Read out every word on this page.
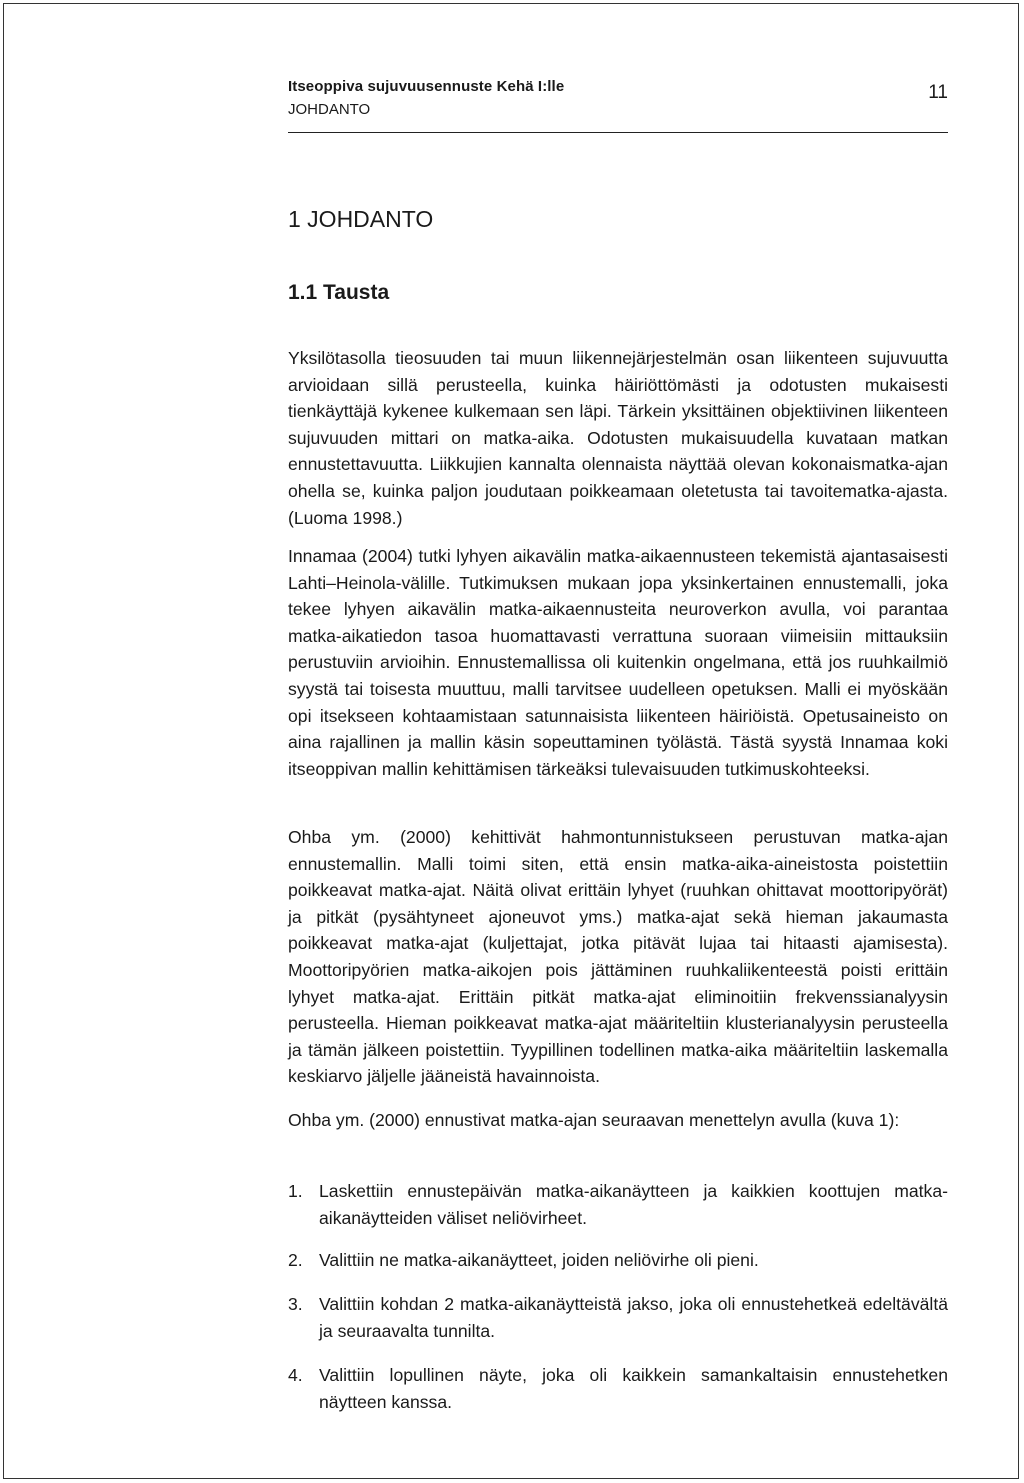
Itseoppiva sujuvuusennuste Kehä I:lle
JOHDANTO
11
1 JOHDANTO
1.1 Tausta

Yksilötasolla tieosuuden tai muun liikennejärjestelmän osan liikenteen sujuvuutta arvioidaan sillä perusteella, kuinka häiriöttömästi ja odotusten mukaisesti tienkäyttäjä kykenee kulkemaan sen läpi. Tärkein yksittäinen objektiivinen liikenteen sujuvuuden mittari on matka-aika. Odotusten mukaisuudella kuvataan matkan ennustettavuutta. Liikkujien kannalta olennaista näyttää olevan kokonaismatka-ajan ohella se, kuinka paljon joudutaan poikkeamaan oletetusta tai tavoitematka-ajasta. (Luoma 1998.)

Innamaa (2004) tutki lyhyen aikavälin matka-aikaennusteen tekemistä ajantasaisesti Lahti–Heinola-välille. Tutkimuksen mukaan jopa yksinkertainen ennustemalli, joka tekee lyhyen aikavälin matka-aikaennusteita neuroverkon avulla, voi parantaa matka-aikatiedon tasoa huomattavasti verrattuna suoraan viimeisiin mittauksiin perustuviin arvioihin. Ennustemallissa oli kuitenkin ongelmana, että jos ruuhkailmiö syystä tai toisesta muuttuu, malli tarvitsee uudelleen opetuksen. Malli ei myöskään opi itsekseen kohtaamistaan satunnaisista liikenteen häiriöistä. Opetusaineisto on aina rajallinen ja mallin käsin sopeuttaminen työlästä. Tästä syystä Innamaa koki itseoppivan mallin kehittämisen tärkeäksi tulevaisuuden tutkimuskohteeksi.

Ohba ym. (2000) kehittivät hahmontunnistukseen perustuvan matka-ajan ennustemallin. Malli toimi siten, että ensin matka-aika-aineistosta poistettiin poikkeavat matka-ajat. Näitä olivat erittäin lyhyet (ruuhkan ohittavat moottoripyörät) ja pitkät (pysähtyneet ajoneuvot yms.) matka-ajat sekä hieman jakaumasta poikkeavat matka-ajat (kuljettajat, jotka pitävät lujaa tai hitaasti ajamisesta). Moottoripyörien matka-aikojen pois jättäminen ruuhkaliikenteestä poisti erittäin lyhyet matka-ajat. Erittäin pitkät matka-ajat eliminoitiin frekvenssianalyysin perusteella. Hieman poikkeavat matka-ajat määriteltiin klusterianalyysin perusteella ja tämän jälkeen poistettiin. Tyypillinen todellinen matka-aika määriteltiin laskemalla keskiarvo jäljelle jääneistä havainnoista.

Ohba ym. (2000) ennustivat matka-ajan seuraavan menettelyn avulla (kuva 1):

1. Laskettiin ennustepäivän matka-aikanäytteen ja kaikkien koottujen matka-aikanäytteiden väliset neliövirheet.
2. Valittiin ne matka-aikanäytteet, joiden neliövirhe oli pieni.
3. Valittiin kohdan 2 matka-aikanäytteistä jakso, joka oli ennustehetkeä edeltävältä ja seuraavalta tunnilta.
4. Valittiin lopullinen näyte, joka oli kaikkein samankaltaisin ennustehetken näytteen kanssa.
